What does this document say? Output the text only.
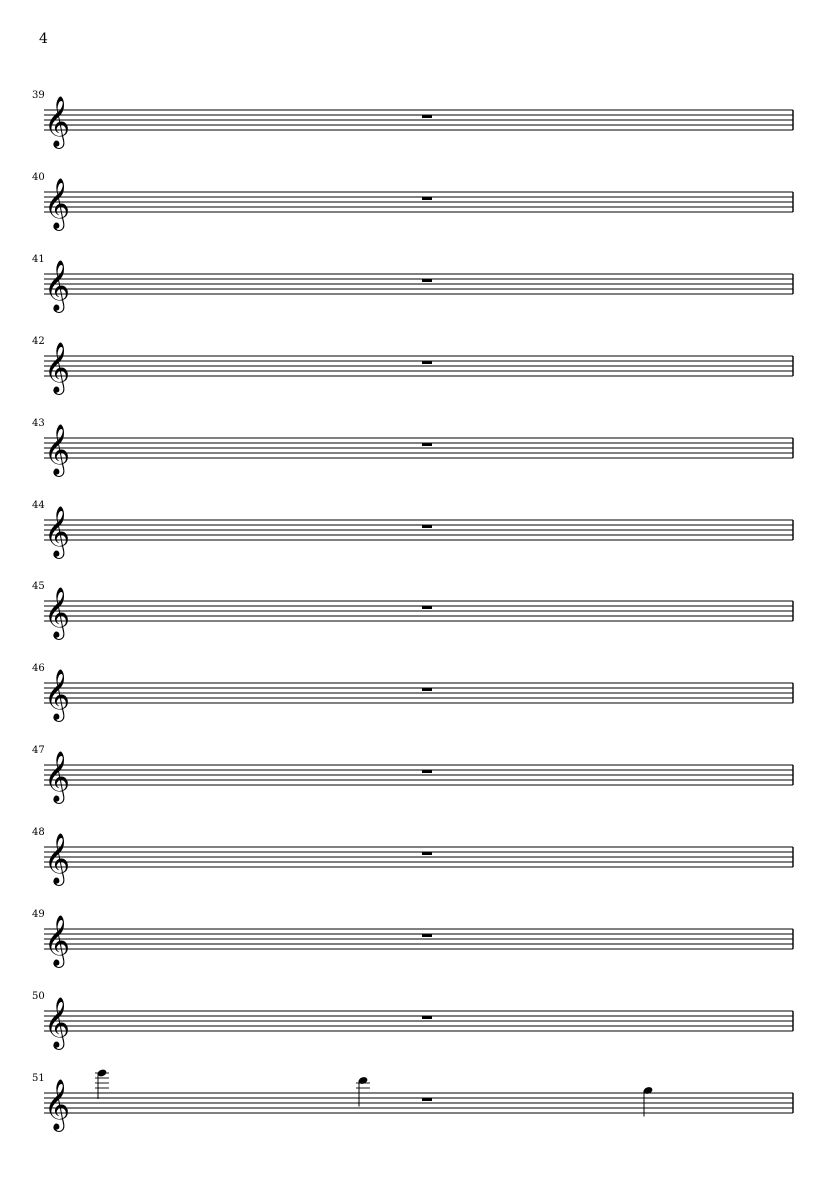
4
39
𝄞
40
𝄞
41
𝄞
42
𝄞
43
𝄞
44
𝄞
45
𝄞
46
𝄞
47
𝄞
48
𝄞
49
𝄞
50
𝄞
51
𝄞
